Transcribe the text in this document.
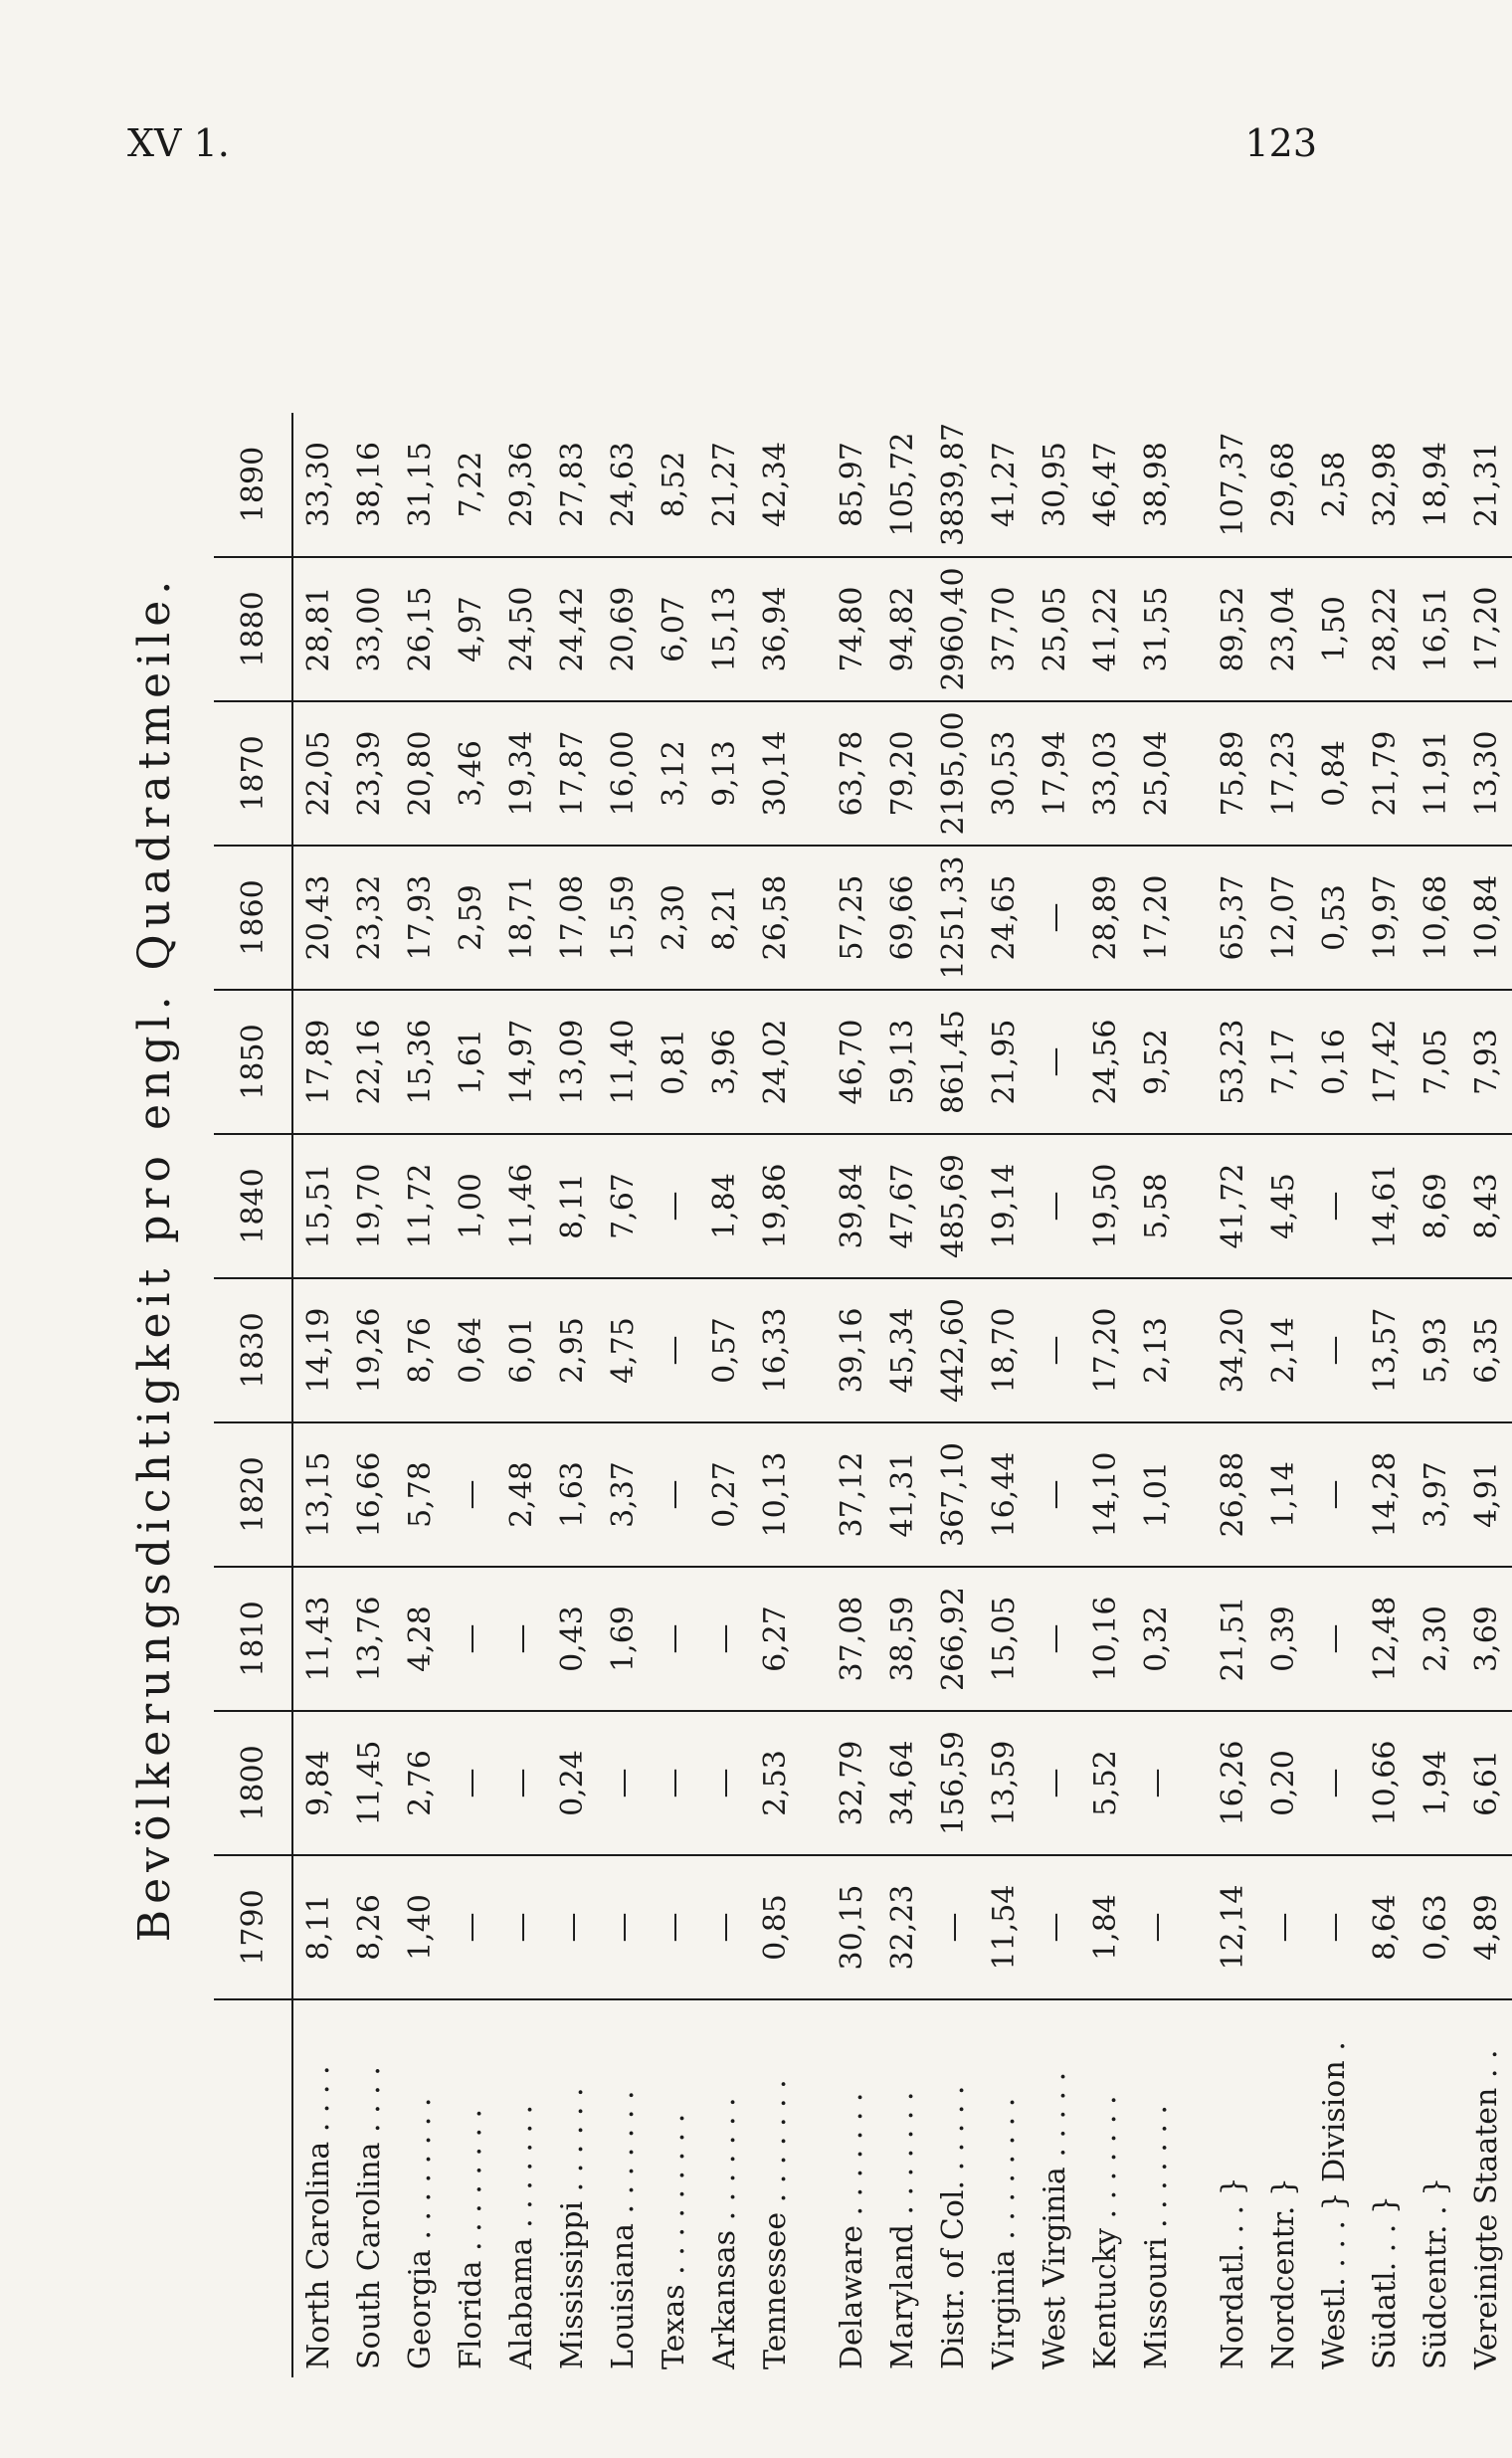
XV 1.	123
Bevölkerungsdichtigkeit pro engl. Quadratmeile.
	1790	1800	1810	1820	1830	1840	1850	1860	1870	1880	1890
North Carolina . . . .	8,11	9,84	11,43	13,15	14,19	15,51	17,89	20,43	22,05	28,81	33,30
South Carolina . . . .	8,26	11,45	13,76	16,66	19,26	19,70	22,16	23,32	23,39	33,00	38,16
Georgia . . . . . . . .	1,40	2,76	4,28	5,78	8,76	11,72	15,36	17,93	20,80	26,15	31,15
Florida . . . . . . . .	—	—	—	—	0,64	1,00	1,61	2,59	3,46	4,97	7,22
Alabama . . . . . . .	—	—	—	2,48	6,01	11,46	14,97	18,71	19,34	24,50	29,36
Mississippi . . . . . .	—	0,24	0,43	1,63	2,95	8,11	13,09	17,08	17,87	24,42	27,83
Louisiana . . . . . . .	—	—	1,69	3,37	4,75	7,67	11,40	15,59	16,00	20,69	24,63
Texas . . . . . . . . .	—	—	—	—	—	—	0,81	2,30	3,12	6,07	8,52
Arkansas . . . . . . .	—	—	—	0,27	0,57	1,84	3,96	8,21	9,13	15,13	21,27
Tennessee . . . . . . .	0,85	2,53	6,27	10,13	16,33	19,86	24,02	26,58	30,14	36,94	42,34

Delaware . . . . . . .	30,15	32,79	37,08	37,12	39,16	39,84	46,70	57,25	63,78	74,80	85,97
Maryland . . . . . . .	32,23	34,64	38,59	41,31	45,34	47,67	59,13	69,66	79,20	94,82	105,72
Distr. of Col. . . . . .	—	156,59	266,92	367,10	442,60	485,69	861,45	1251,33	2195,00	2960,40	3839,87
Virginia . . . . . . . .	11,54	13,59	15,05	16,44	18,70	19,14	21,95	24,65	30,53	37,70	41,27
West Virginia . . . . .	—	—	—	—	—	—	—	—	17,94	25,05	30,95
Kentucky . . . . . . .	1,84	5,52	10,16	14,10	17,20	19,50	24,56	28,89	33,03	41,22	46,47
Missouri . . . . . . .	—	—	0,32	1,01	2,13	5,58	9,52	17,20	25,04	31,55	38,98

Nordatl. . . }	12,14	16,26	21,51	26,88	34,20	41,72	53,23	65,37	75,89	89,52	107,37
Nordcentr. }	—	0,20	0,39	1,14	2,14	4,45	7,17	12,07	17,23	23,04	29,68
Westl. . . . } Division .	—	—	—	—	—	—	0,16	0,53	0,84	1,50	2,58
Südatl. . . }	8,64	10,66	12,48	14,28	13,57	14,61	17,42	19,97	21,79	28,22	32,98
Südcentr. . }	0,63	1,94	2,30	3,97	5,93	8,69	7,05	10,68	11,91	16,51	18,94
Vereinigte Staaten . .	4,89	6,61	3,69	4,91	6,35	8,43	7,93	10,84	13,30	17,20	21,31
